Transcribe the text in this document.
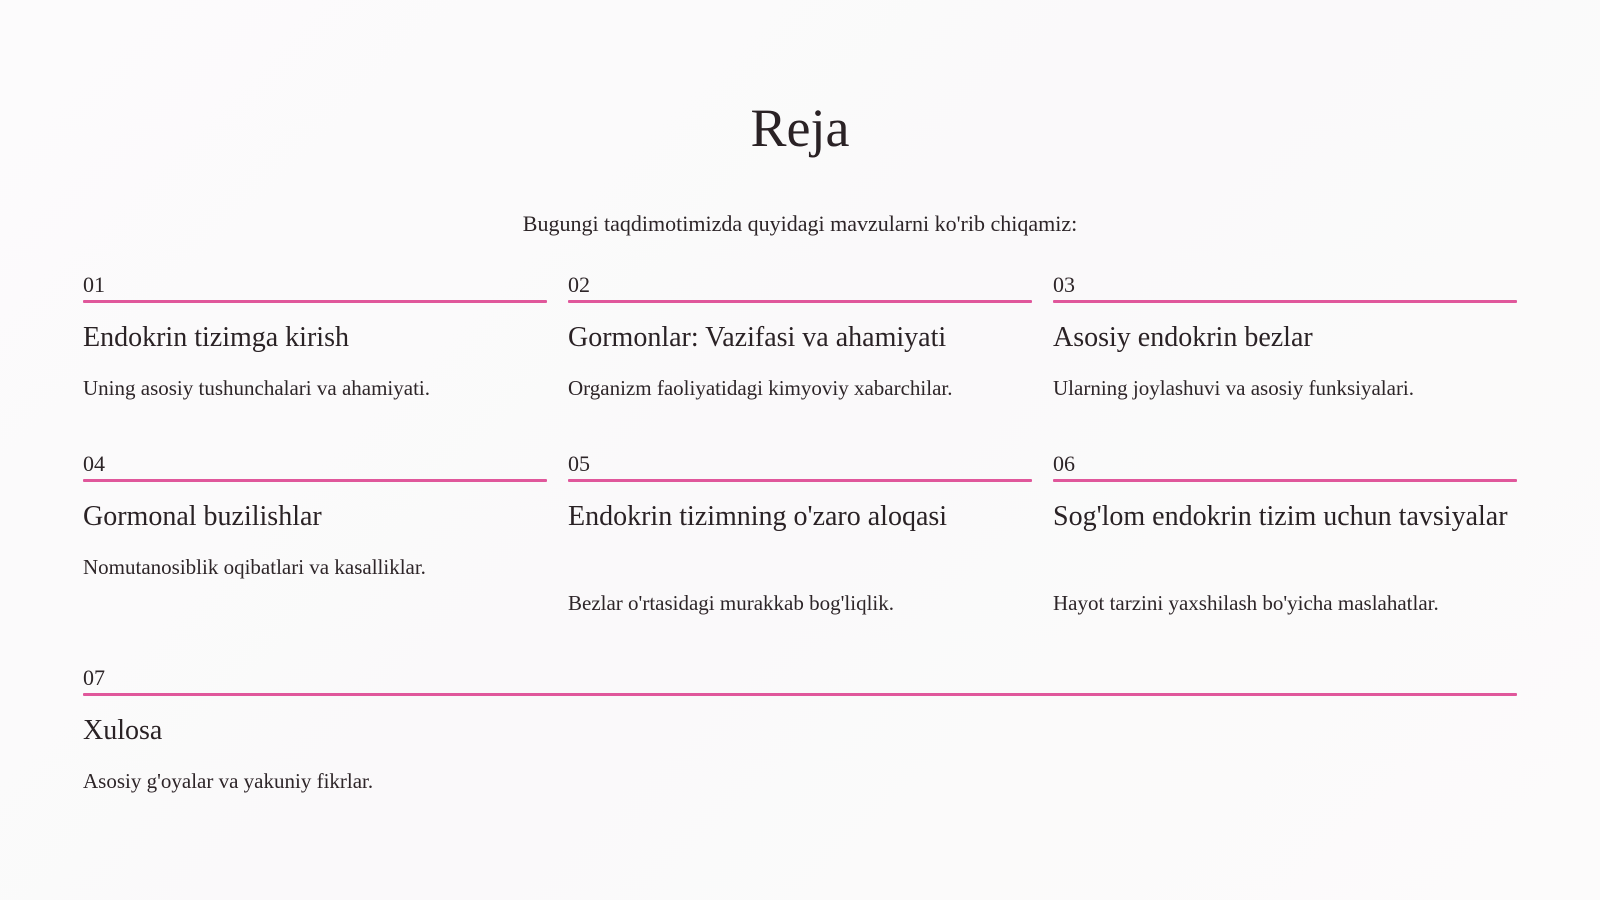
Reja
Bugungi taqdimotimizda quyidagi mavzularni ko'rib chiqamiz:
01
Endokrin tizimga kirish
Uning asosiy tushunchalari va ahamiyati.
02
Gormonlar: Vazifasi va ahamiyati
Organizm faoliyatidagi kimyoviy xabarchilar.
03
Asosiy endokrin bezlar
Ularning joylashuvi va asosiy funksiyalari.
04
Gormonal buzilishlar
Nomutanosiblik oqibatlari va kasalliklar.
05
Endokrin tizimning o'zaro aloqasi
Bezlar o'rtasidagi murakkab bog'liqlik.
06
Sog'lom endokrin tizim uchun tavsiyalar
Hayot tarzini yaxshilash bo'yicha maslahatlar.
07
Xulosa
Asosiy g'oyalar va yakuniy fikrlar.
